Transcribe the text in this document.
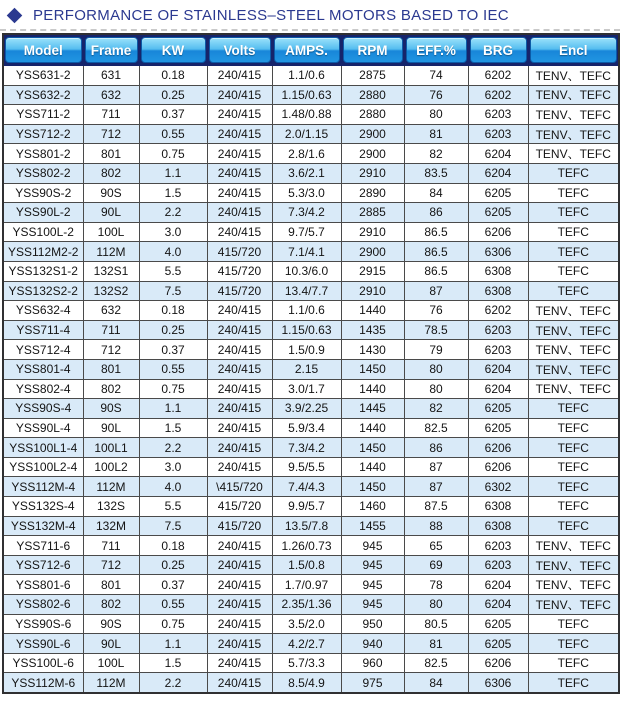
PERFORMANCE OF STAINLESS–STEEL MOTORS BASED TO IEC
Model	Frame	KW	Volts	AMPS.	RPM	EFF.%	BRG	Encl

YSS631-2	631	0.18	240/415	1.1/0.6	2875	74	6202	TENV、TEFC
YSS632-2	632	0.25	240/415	1.15/0.63	2880	76	6202	TENV、TEFC
YSS711-2	711	0.37	240/415	1.48/0.88	2880	80	6203	TENV、TEFC
YSS712-2	712	0.55	240/415	2.0/1.15	2900	81	6203	TENV、TEFC
YSS801-2	801	0.75	240/415	2.8/1.6	2900	82	6204	TENV、TEFC
YSS802-2	802	1.1	240/415	3.6/2.1	2910	83.5	6204	TEFC
YSS90S-2	90S	1.5	240/415	5.3/3.0	2890	84	6205	TEFC
YSS90L-2	90L	2.2	240/415	7.3/4.2	2885	86	6205	TEFC
YSS100L-2	100L	3.0	240/415	9.7/5.7	2910	86.5	6206	TEFC
YSS112M2-2	112M	4.0	415/720	7.1/4.1	2900	86.5	6306	TEFC
YSS132S1-2	132S1	5.5	415/720	10.3/6.0	2915	86.5	6308	TEFC
YSS132S2-2	132S2	7.5	415/720	13.4/7.7	2910	87	6308	TEFC
YSS632-4	632	0.18	240/415	1.1/0.6	1440	76	6202	TENV、TEFC
YSS711-4	711	0.25	240/415	1.15/0.63	1435	78.5	6203	TENV、TEFC
YSS712-4	712	0.37	240/415	1.5/0.9	1430	79	6203	TENV、TEFC
YSS801-4	801	0.55	240/415	2.15	1450	80	6204	TENV、TEFC
YSS802-4	802	0.75	240/415	3.0/1.7	1440	80	6204	TENV、TEFC
YSS90S-4	90S	1.1	240/415	3.9/2.25	1445	82	6205	TEFC
YSS90L-4	90L	1.5	240/415	5.9/3.4	1440	82.5	6205	TEFC
YSS100L1-4	100L1	2.2	240/415	7.3/4.2	1450	86	6206	TEFC
YSS100L2-4	100L2	3.0	240/415	9.5/5.5	1440	87	6206	TEFC
YSS112M-4	112M	4.0	\415/720	7.4/4.3	1450	87	6302	TEFC
YSS132S-4	132S	5.5	415/720	9.9/5.7	1460	87.5	6308	TEFC
YSS132M-4	132M	7.5	415/720	13.5/7.8	1455	88	6308	TEFC
YSS711-6	711	0.18	240/415	1.26/0.73	945	65	6203	TENV、TEFC
YSS712-6	712	0.25	240/415	1.5/0.8	945	69	6203	TENV、TEFC
YSS801-6	801	0.37	240/415	1.7/0.97	945	78	6204	TENV、TEFC
YSS802-6	802	0.55	240/415	2.35/1.36	945	80	6204	TENV、TEFC
YSS90S-6	90S	0.75	240/415	3.5/2.0	950	80.5	6205	TEFC
YSS90L-6	90L	1.1	240/415	4.2/2.7	940	81	6205	TEFC
YSS100L-6	100L	1.5	240/415	5.7/3.3	960	82.5	6206	TEFC
YSS112M-6	112M	2.2	240/415	8.5/4.9	975	84	6306	TEFC
